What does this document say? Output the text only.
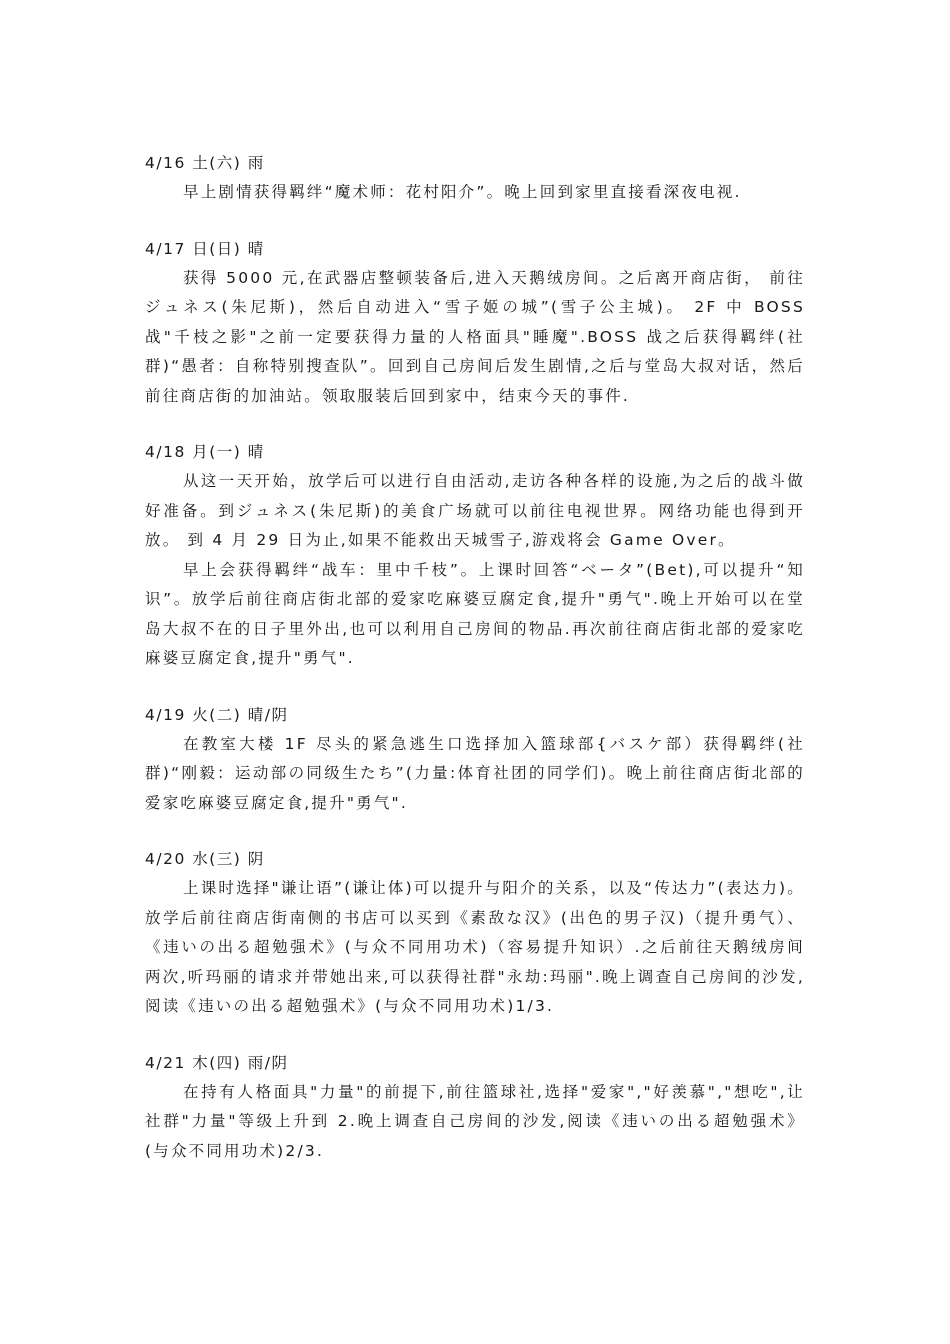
4/16 土(六) 雨

早上剧情获得羁绊“魔术师：花村阳介”。晚上回到家里直接看深夜电视.

4/17 日(日) 晴

获得 5000 元,在武器店整顿装备后,进入天鹅绒房间。之后离开商店街， 前往ジュネス(朱尼斯)，然后自动进入“雪子姬の城”(雪子公主城)。 2F 中 BOSS 战"千枝之影"之前一定要获得力量的人格面具"睡魔".BOSS 战之后获得羁绊(社群)“愚者：自称特别搜查队”。回到自己房间后发生剧情,之后与堂岛大叔对话，然后前往商店街的加油站。领取服装后回到家中，结束今天的事件.

4/18 月(一) 晴

从这一天开始，放学后可以进行自由活动,走访各种各样的设施,为之后的战斗做好准备。到ジュネス(朱尼斯)的美食广场就可以前往电视世界。网络功能也得到开放。 到 4 月 29 日为止,如果不能救出天城雪子,游戏将会 Game Over。

早上会获得羁绊“战车：里中千枝”。上课时回答“ベータ”(Bet),可以提升“知识”。放学后前往商店街北部的爱家吃麻婆豆腐定食,提升"勇气".晚上开始可以在堂岛大叔不在的日子里外出,也可以利用自己房间的物品.再次前往商店街北部的爱家吃麻婆豆腐定食,提升"勇气".

4/19 火(二) 晴/阴

在教室大楼 1F 尽头的紧急逃生口选择加入篮球部{バスケ部）获得羁绊(社群)“刚毅：运动部の同级生たち”(力量:体育社团的同学们)。晚上前往商店街北部的爱家吃麻婆豆腐定食,提升"勇气".

4/20 水(三) 阴

上课时选择"谦让语”(谦让体)可以提升与阳介的关系，以及“传达力”(表达力)。放学后前往商店街南侧的书店可以买到《素敌な汉》(出色的男子汉)（提升勇气）、《违いの出る超勉强术》(与众不同用功术)（容易提升知识）.之后前往天鹅绒房间两次,听玛丽的请求并带她出来,可以获得社群"永劫:玛丽".晚上调查自己房间的沙发,阅读《违いの出る超勉强术》(与众不同用功术)1/3.

4/21 木(四) 雨/阴

在持有人格面具"力量"的前提下,前往篮球社,选择"爱家","好羡慕","想吃",让社群"力量"等级上升到 2.晚上调查自己房间的沙发,阅读《违いの出る超勉强术》(与众不同用功术)2/3.
